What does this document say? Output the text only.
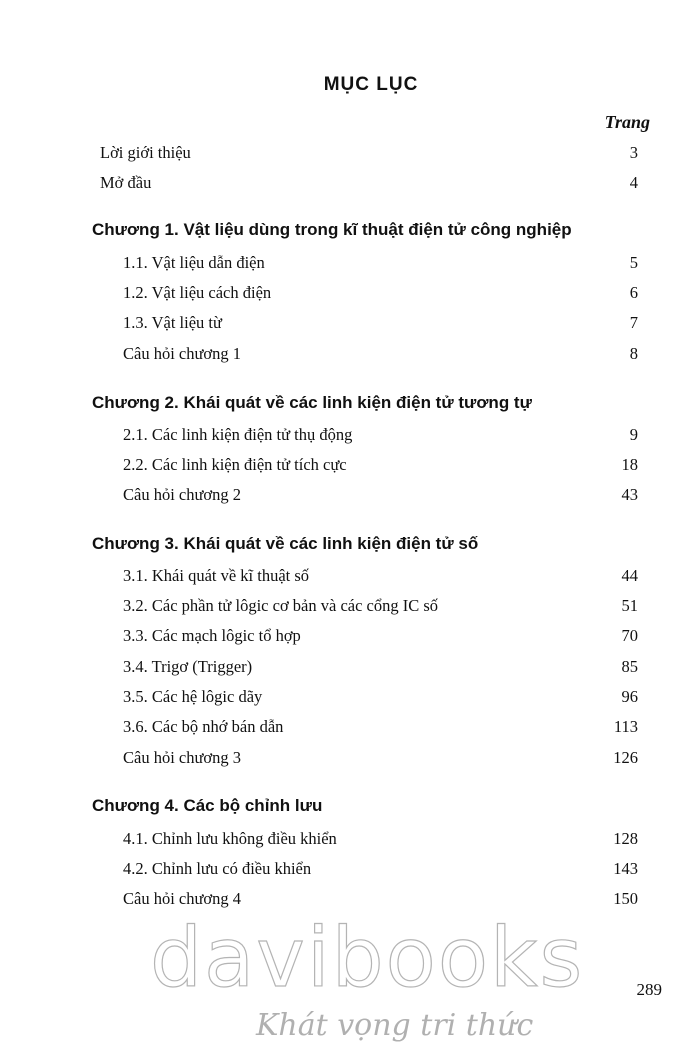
MỤC LỤC
Trang
Lời giới thiệu	3
Mở đầu	4
Chương 1. Vật liệu dùng trong kĩ thuật điện tử công nghiệp
1.1. Vật liệu dẫn điện	5
1.2. Vật liệu cách điện	6
1.3. Vật liệu từ	7
Câu hỏi chương 1	8
Chương 2. Khái quát về các linh kiện điện tử tương tự
2.1. Các linh kiện điện tử thụ động	9
2.2. Các linh kiện điện tử tích cực	18
Câu hỏi chương 2	43
Chương 3. Khái quát về các linh kiện điện tử số
3.1. Khái quát về kĩ thuật số	44
3.2. Các phần tử lôgic cơ bản và các cổng IC số	51
3.3. Các mạch lôgic tổ hợp	70
3.4. Trigơ (Trigger)	85
3.5. Các hệ lôgic dãy	96
3.6. Các bộ nhớ bán dẫn	113
Câu hỏi chương 3	126
Chương 4. Các bộ chỉnh lưu
4.1. Chỉnh lưu không điều khiển	128
4.2. Chỉnh lưu có điều khiển	143
Câu hỏi chương 4	150
davibooks
Khát vọng tri thức
289
